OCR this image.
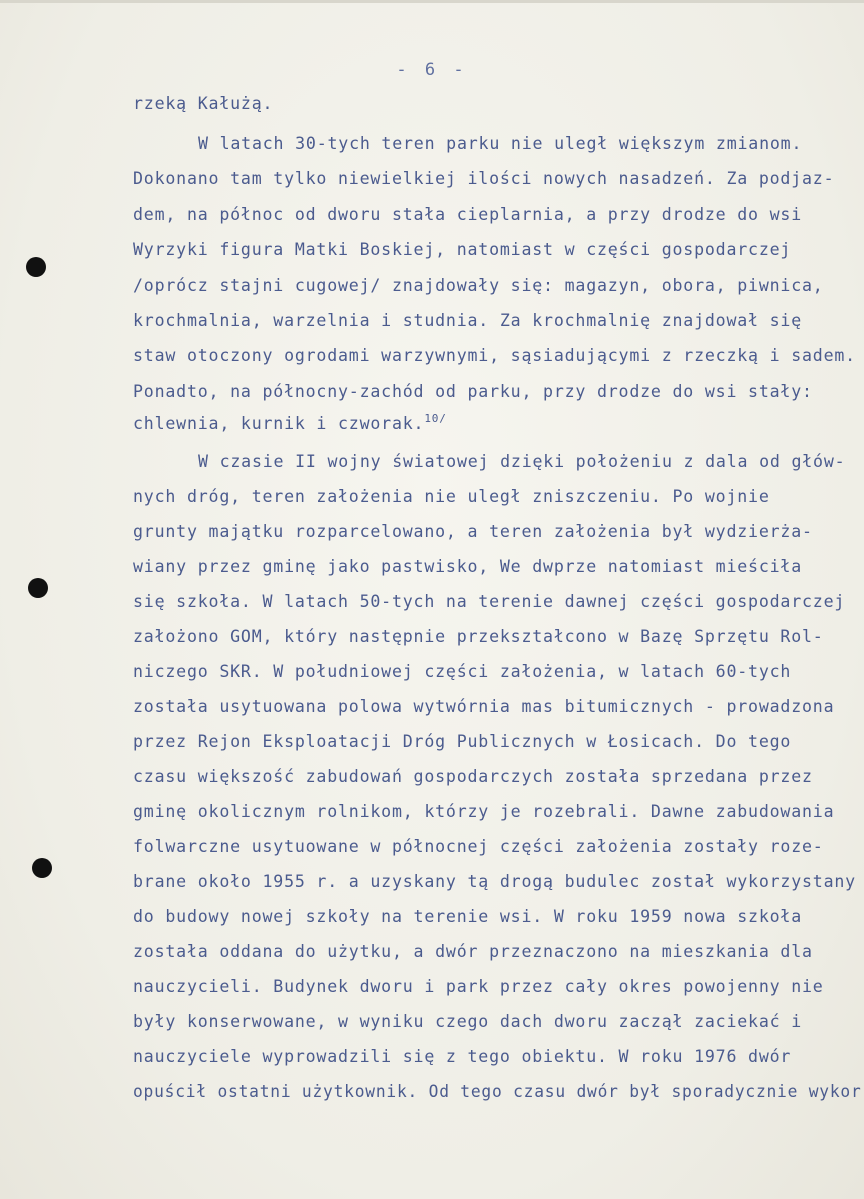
- 6 -
rzeką Kałużą.
W latach 30-tych teren parku nie uległ większym zmianom.
Dokonano tam tylko niewielkiej ilości nowych nasadzeń. Za podjaz-
dem, na północ od dworu stała cieplarnia, a przy drodze do wsi
Wyrzyki figura Matki Boskiej, natomiast w części gospodarczej
/oprócz stajni cugowej/ znajdowały się: magazyn, obora, piwnica,
krochmalnia, warzelnia i studnia. Za krochmalnię znajdował się
staw otoczony ogrodami warzywnymi, sąsiadującymi z rzeczką i sadem.
Ponadto, na północny-zachód od parku, przy drodze do wsi stały:
chlewnia, kurnik i czworak.$^{10/}$
W czasie II wojny światowej dzięki położeniu z dala od głów-
nych dróg, teren założenia nie uległ zniszczeniu. Po wojnie
grunty majątku rozparcelowano, a teren założenia był wydzierża-
wiany przez gminę jako pastwisko, We dwprze natomiast mieściła
się szkoła. W latach 50-tych na terenie dawnej części gospodarczej
założono GOM, który następnie przekształcono w Bazę Sprzętu Rol-
niczego SKR. W południowej części założenia, w latach 60-tych
została usytuowana polowa wytwórnia mas bitumicznych - prowadzona
przez Rejon Eksploatacji Dróg Publicznych w Łosicach. Do tego
czasu większość zabudowań gospodarczych została sprzedana przez
gminę okolicznym rolnikom, którzy je rozebrali. Dawne zabudowania
folwarczne usytuowane w północnej części założenia zostały roze-
brane około 1955 r. a uzyskany tą drogą budulec został wykorzystany
do budowy nowej szkoły na terenie wsi. W roku 1959 nowa szkoła
została oddana do użytku, a dwór przeznaczono na mieszkania dla
nauczycieli. Budynek dworu i park przez cały okres powojenny nie
były konserwowane, w wyniku czego dach dworu zaczął zaciekać i
nauczyciele wyprowadzili się z tego obiektu. W roku 1976 dwór
opuścił ostatni użytkownik. Od tego czasu dwór był sporadycznie wykor
